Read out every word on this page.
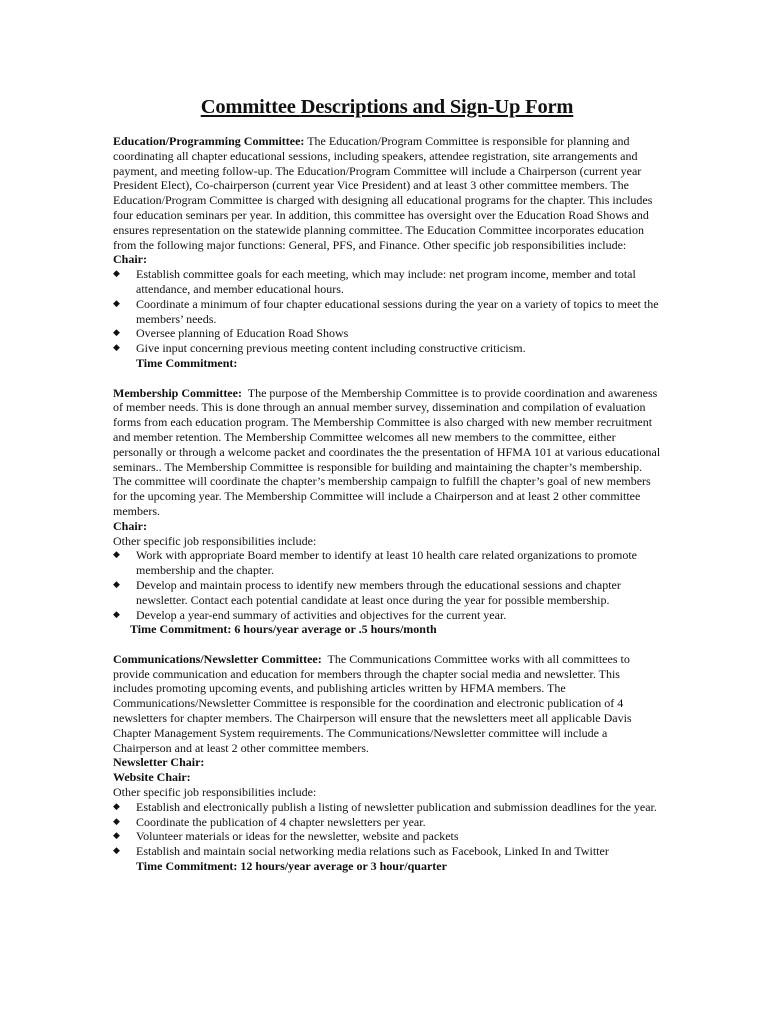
Committee Descriptions and Sign-Up Form

Education/Programming Committee: The Education/Program Committee is responsible for planning and coordinating all chapter educational sessions, including speakers, attendee registration, site arrangements and payment, and meeting follow-up. The Education/Program Committee will include a Chairperson (current year President Elect), Co-chairperson (current year Vice President) and at least 3 other committee members. The Education/Program Committee is charged with designing all educational programs for the chapter. This includes four education seminars per year. In addition, this committee has oversight over the Education Road Shows and ensures representation on the statewide planning committee. The Education Committee incorporates education from the following major functions: General, PFS, and Finance. Other specific job responsibilities include:

Chair:
◆	Establish committee goals for each meeting, which may include: net program income, member and total attendance, and member educational hours.
◆	Coordinate a minimum of four chapter educational sessions during the year on a variety of topics to meet the members’ needs.
◆	Oversee planning of Education Road Shows
◆	Give input concerning previous meeting content including constructive criticism.
Time Commitment:

Membership Committee: The purpose of the Membership Committee is to provide coordination and awareness of member needs. This is done through an annual member survey, dissemination and compilation of evaluation forms from each education program. The Membership Committee is also charged with new member recruitment and member retention. The Membership Committee welcomes all new members to the committee, either personally or through a welcome packet and coordinates the the presentation of HFMA 101 at various educational seminars.. The Membership Committee is responsible for building and maintaining the chapter’s membership. The committee will coordinate the chapter’s membership campaign to fulfill the chapter’s goal of new members for the upcoming year. The Membership Committee will include a Chairperson and at least 2 other committee members.

Chair:
Other specific job responsibilities include:
◆	Work with appropriate Board member to identify at least 10 health care related organizations to promote membership and the chapter.
◆	Develop and maintain process to identify new members through the educational sessions and chapter newsletter. Contact each potential candidate at least once during the year for possible membership.
◆	Develop a year-end summary of activities and objectives for the current year.
Time Commitment: 6 hours/year average or .5 hours/month

Communications/Newsletter Committee: The Communications Committee works with all committees to provide communication and education for members through the chapter social media and newsletter. This includes promoting upcoming events, and publishing articles written by HFMA members. The Communications/Newsletter Committee is responsible for the coordination and electronic publication of 4 newsletters for chapter members. The Chairperson will ensure that the newsletters meet all applicable Davis Chapter Management System requirements. The Communications/Newsletter committee will include a Chairperson and at least 2 other committee members.

Newsletter Chair:
Website Chair:
Other specific job responsibilities include:
◆	Establish and electronically publish a listing of newsletter publication and submission deadlines for the year.
◆	Coordinate the publication of 4 chapter newsletters per year.
◆	Volunteer materials or ideas for the newsletter, website and packets
◆	Establish and maintain social networking media relations such as Facebook, Linked In and Twitter
Time Commitment: 12 hours/year average or 3 hour/quarter
